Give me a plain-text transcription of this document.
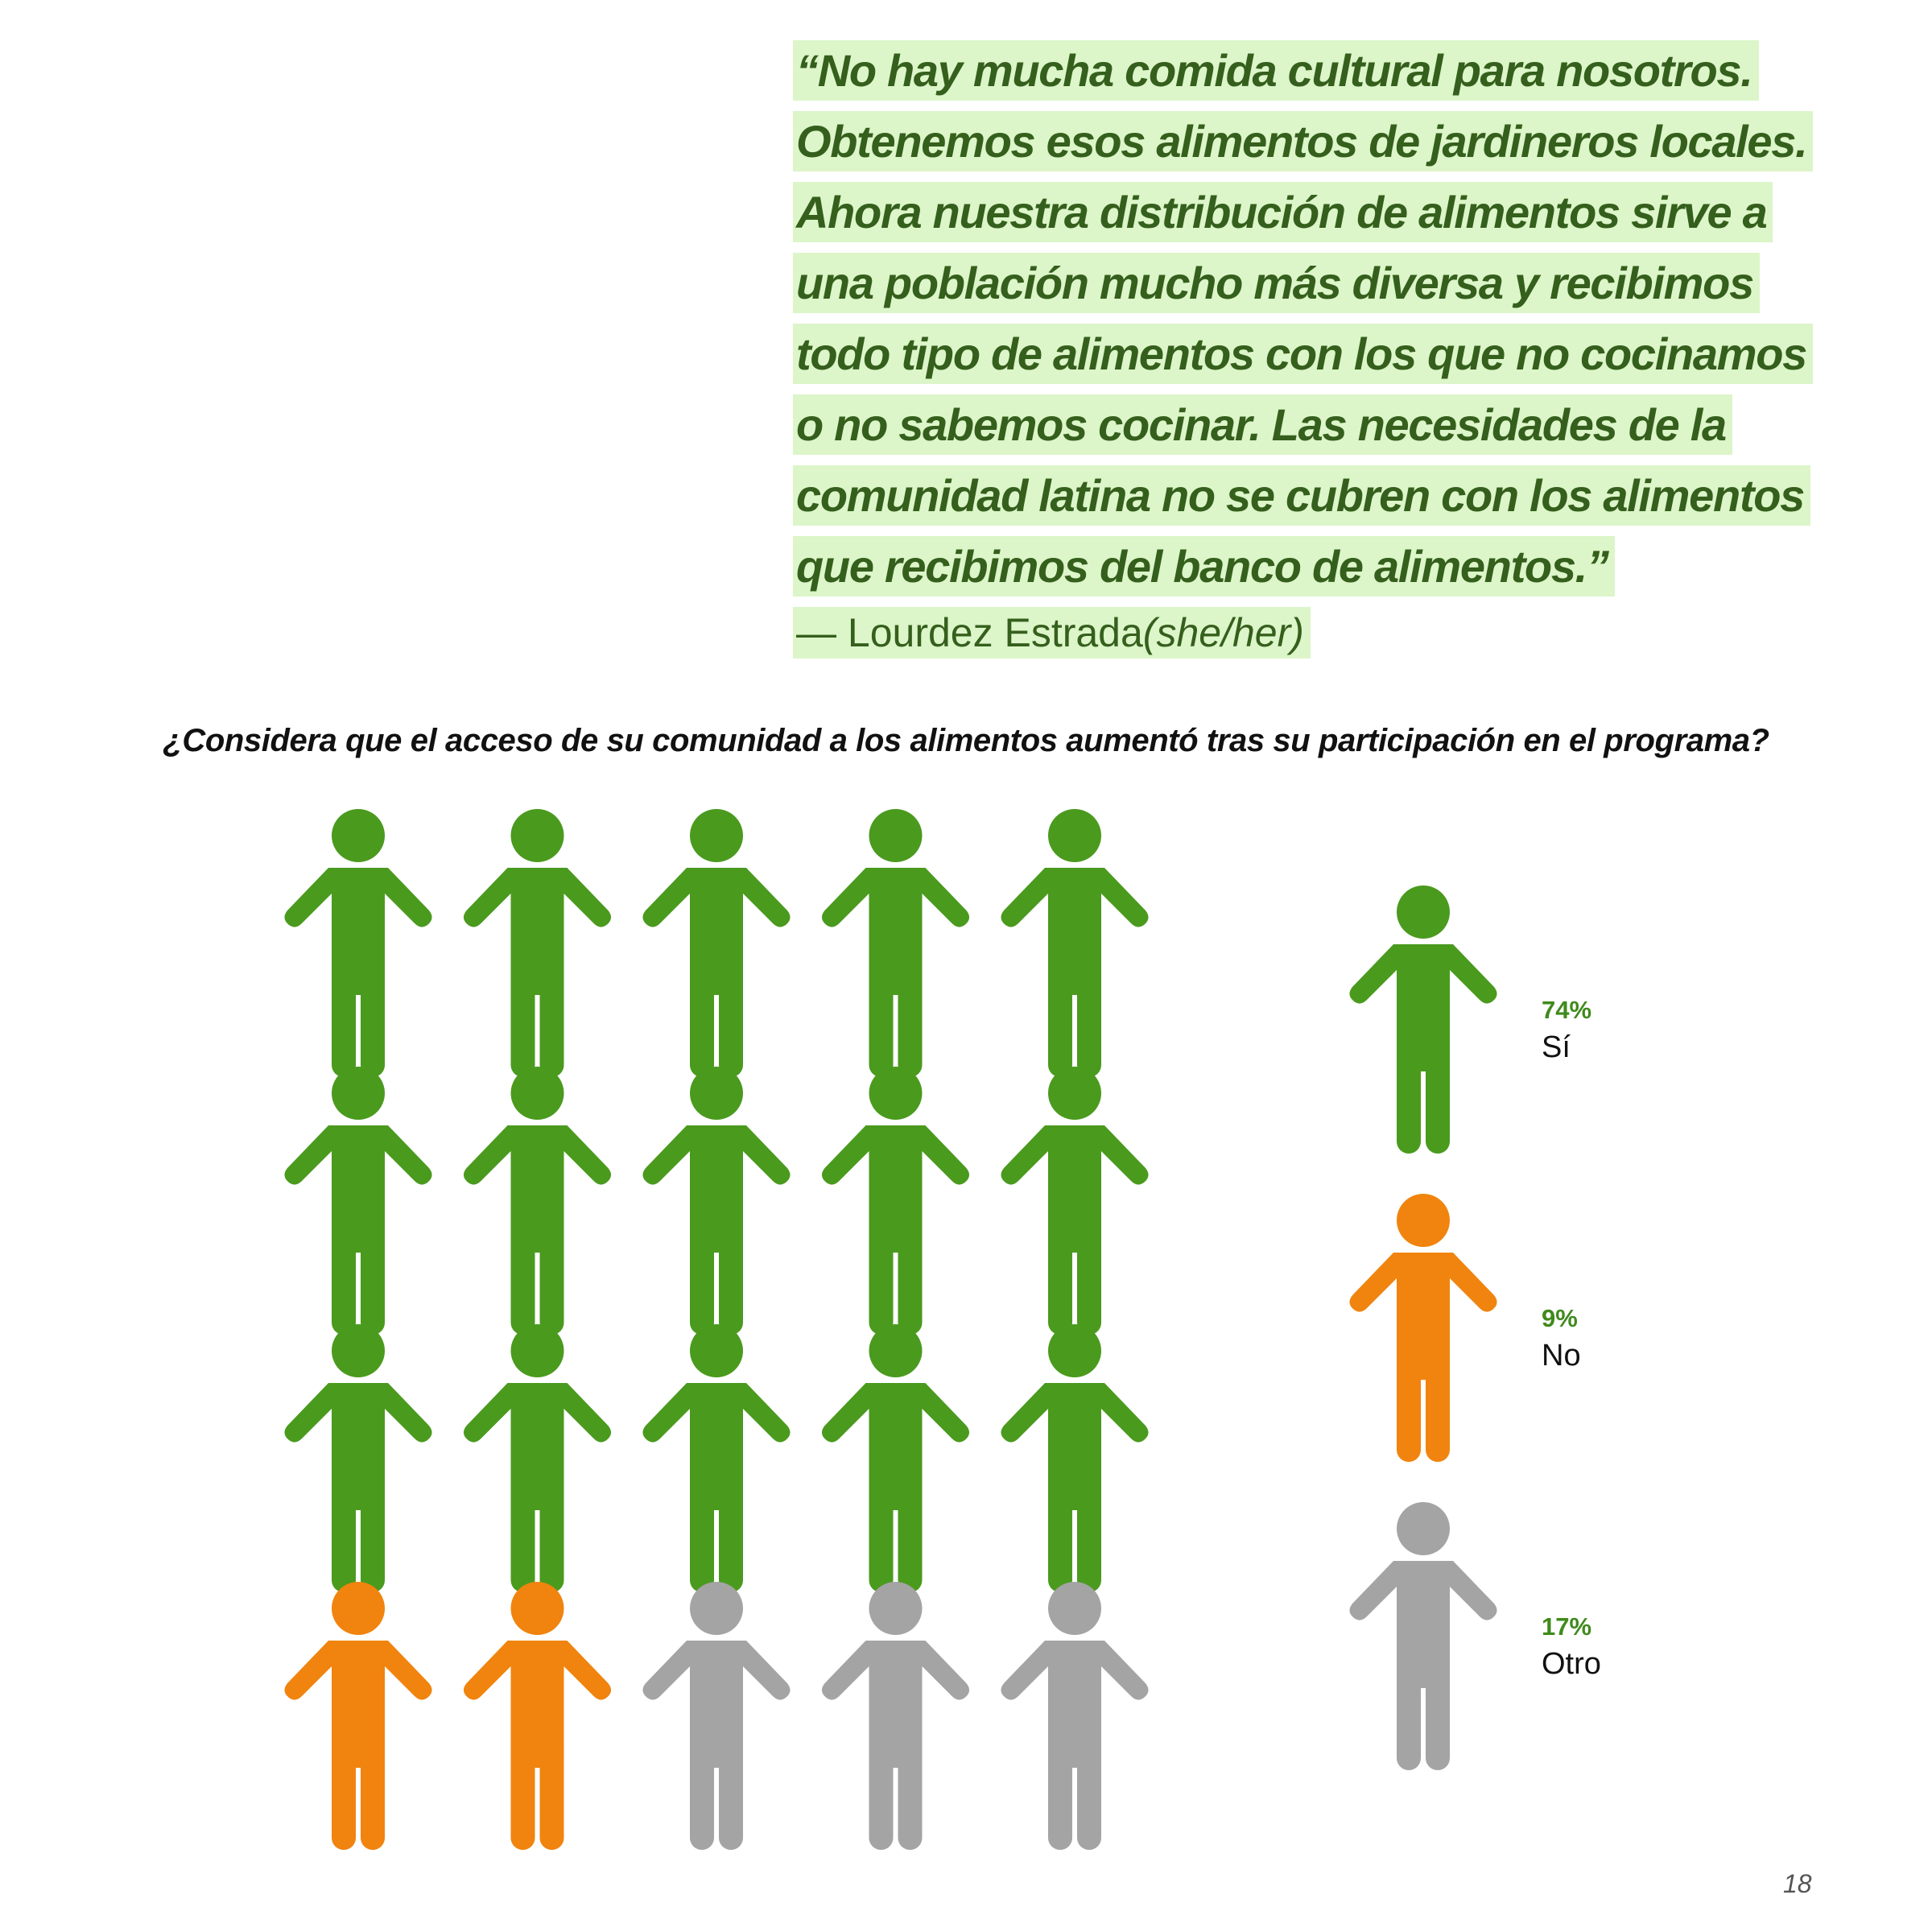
“No hay mucha comida cultural para nosotros.
Obtenemos esos alimentos de jardineros locales.
Ahora nuestra distribución de alimentos sirve a
una población mucho más diversa y recibimos
todo tipo de alimentos con los que no cocinamos
o no sabemos cocinar. Las necesidades de la
comunidad latina no se cubren con los alimentos
que recibimos del banco de alimentos.”
— Lourdez Estrada(she/her)
¿Considera que el acceso de su comunidad a los alimentos aumentó tras su participación en el programa?
74%
Sí
9%
No
17%
Otro
18
